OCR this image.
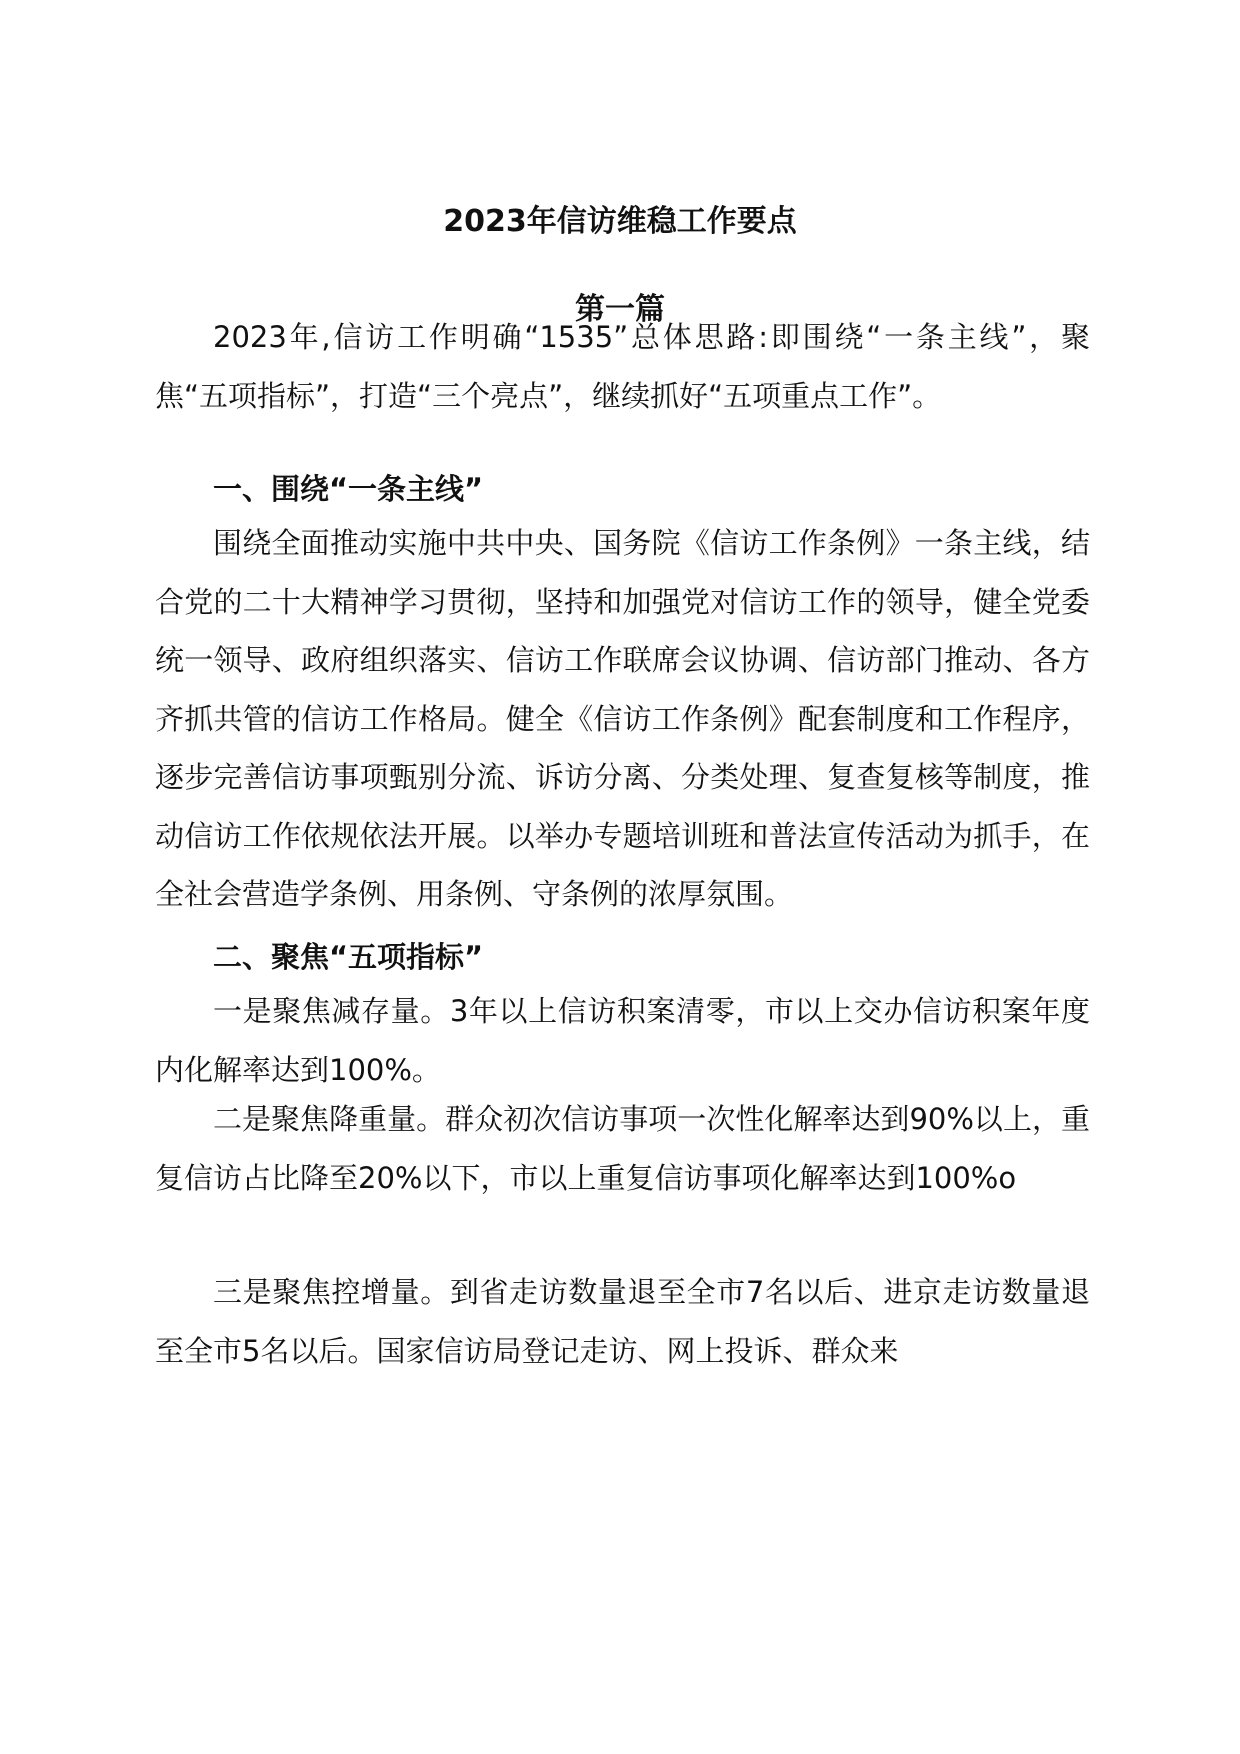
2023年信访维稳工作要点
第一篇

2023年,信访工作明确“1535”总体思路:即围绕“一条主线”，聚焦“五项指标”，打造“三个亮点”，继续抓好“五项重点工作”。

一、围绕“一条主线”

围绕全面推动实施中共中央、国务院《信访工作条例》一条主线，结合党的二十大精神学习贯彻，坚持和加强党对信访工作的领导，健全党委统一领导、政府组织落实、信访工作联席会议协调、信访部门推动、各方齐抓共管的信访工作格局。健全《信访工作条例》配套制度和工作程序，逐步完善信访事项甄别分流、诉访分离、分类处理、复查复核等制度，推动信访工作依规依法开展。以举办专题培训班和普法宣传活动为抓手，在全社会营造学条例、用条例、守条例的浓厚氛围。

二、聚焦“五项指标”

一是聚焦减存量。3年以上信访积案清零，市以上交办信访积案年度内化解率达到100%。

二是聚焦降重量。群众初次信访事项一次性化解率达到90%以上，重复信访占比降至20%以下，市以上重复信访事项化解率达到100%o

三是聚焦控增量。到省走访数量退至全市7名以后、进京走访数量退至全市5名以后。国家信访局登记走访、网上投诉、群众来
